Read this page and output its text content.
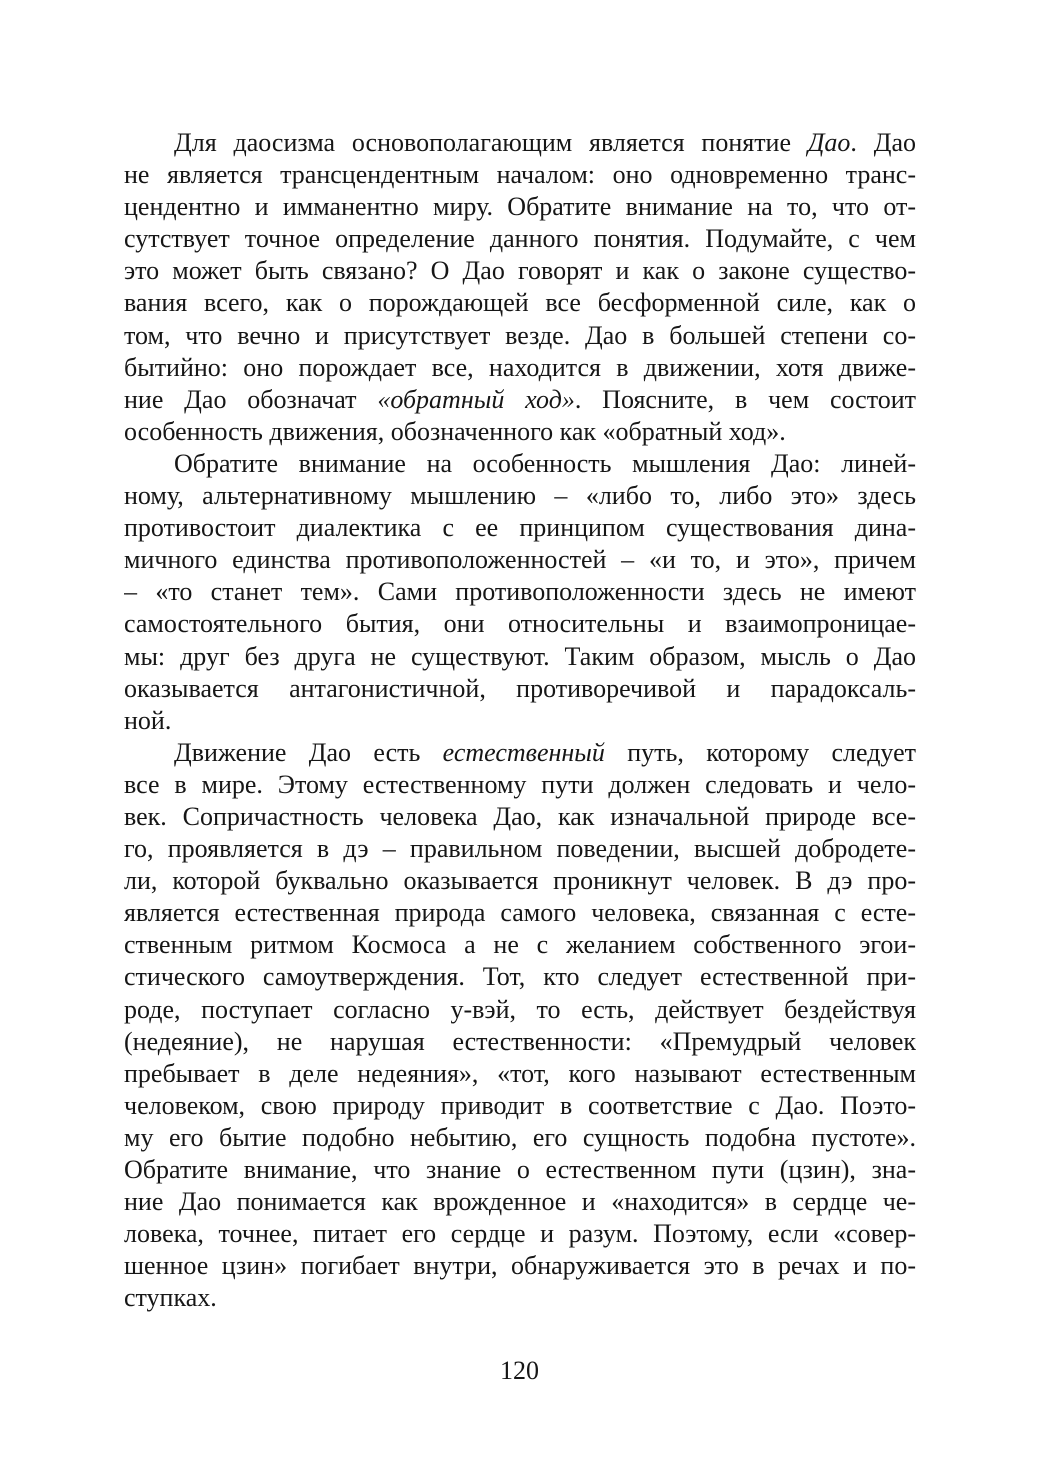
Для даосизма основополагающим является понятие Дао. Дао
не является трансцендентным началом: оно одновременно транс-
цендентно и имманентно миру. Обратите внимание на то, что от-
сутствует точное определение данного понятия. Подумайте, с чем
это может быть связано? О Дао говорят и как о законе существо-
вания всего, как о порождающей все бесформенной силе, как о
том, что вечно и присутствует везде. Дао в большей степени со-
бытийно: оно порождает все, находится в движении, хотя движе-
ние Дао обозначат «обратный ход». Поясните, в чем состоит
особенность движения, обозначенного как «обратный ход».
Обратите внимание на особенность мышления Дао: линей-
ному, альтернативному мышлению – «либо то, либо это» здесь
противостоит диалектика с ее принципом существования дина-
мичного единства противоположенностей – «и то, и это», причем
– «то станет тем». Сами противоположенности здесь не имеют
самостоятельного бытия, они относительны и взаимопроницае-
мы: друг без друга не существуют. Таким образом, мысль о Дао
оказывается антагонистичной, противоречивой и парадоксаль-
ной.
Движение Дао есть естественный путь, которому следует
все в мире. Этому естественному пути должен следовать и чело-
век. Сопричастность человека Дао, как изначальной природе все-
го, проявляется в дэ – правильном поведении, высшей добродете-
ли, которой буквально оказывается проникнут человек. В дэ про-
является естественная природа самого человека, связанная с есте-
ственным ритмом Космоса а не с желанием собственного эгои-
стического самоутверждения. Тот, кто следует естественной при-
роде, поступает согласно у-вэй, то есть, действует бездействуя
(недеяние), не нарушая естественности: «Премудрый человек
пребывает в деле недеяния», «тот, кого называют естественным
человеком, свою природу приводит в соответствие с Дао. Поэто-
му его бытие подобно небытию, его сущность подобна пустоте».
Обратите внимание, что знание о естественном пути (цзин), зна-
ние Дао понимается как врожденное и «находится» в сердце че-
ловека, точнее, питает его сердце и разум. Поэтому, если «совер-
шенное цзин» погибает внутри, обнаруживается это в речах и по-
ступках.
120
